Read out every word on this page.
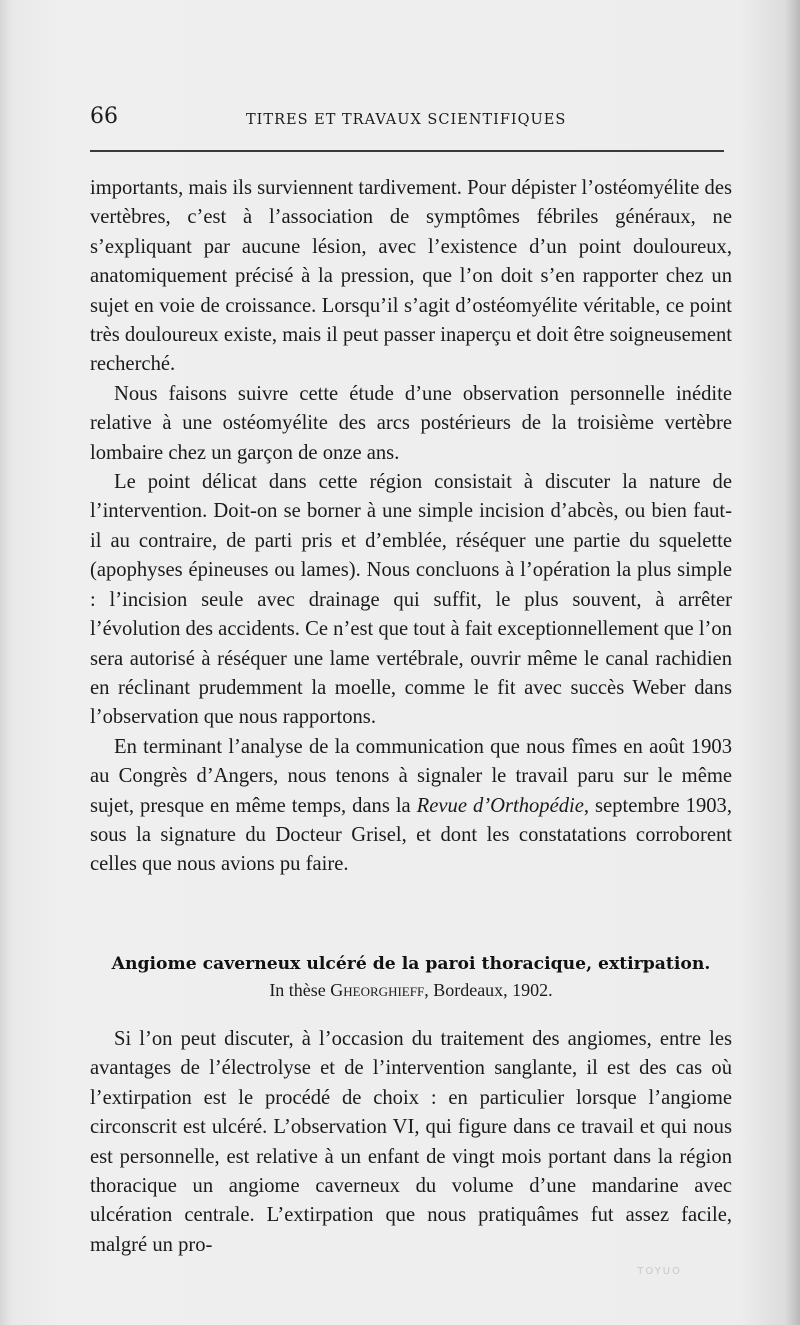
66	TITRES ET TRAVAUX SCIENTIFIQUES

importants, mais ils surviennent tardivement. Pour dépister l’ostéomyélite des vertèbres, c’est à l’association de symptômes fébriles généraux, ne s’expliquant par aucune lésion, avec l’existence d’un point douloureux, anatomiquement précisé à la pression, que l’on doit s’en rapporter chez un sujet en voie de croissance. Lorsqu’il s’agit d’ostéomyélite véritable, ce point très douloureux existe, mais il peut passer inaperçu et doit être soigneusement recherché.

Nous faisons suivre cette étude d’une observation personnelle inédite relative à une ostéomyélite des arcs postérieurs de la troisième vertèbre lombaire chez un garçon de onze ans.

Le point délicat dans cette région consistait à discuter la nature de l’intervention. Doit-on se borner à une simple incision d’abcès, ou bien faut-il au contraire, de parti pris et d’emblée, réséquer une partie du squelette (apophyses épineuses ou lames). Nous concluons à l’opération la plus simple : l’incision seule avec drainage qui suffit, le plus souvent, à arrêter l’évolution des accidents. Ce n’est que tout à fait exceptionnellement que l’on sera autorisé à réséquer une lame vertébrale, ouvrir même le canal rachidien en réclinant prudemment la moelle, comme le fit avec succès Weber dans l’observation que nous rapportons.

En terminant l’analyse de la communication que nous fîmes en août 1903 au Congrès d’Angers, nous tenons à signaler le travail paru sur le même sujet, presque en même temps, dans la Revue d’Orthopédie, septembre 1903, sous la signature du Docteur Grisel, et dont les constatations corroborent celles que nous avions pu faire.

Angiome caverneux ulcéré de la paroi thoracique, extirpation.
In thèse Gheorghieff, Bordeaux, 1902.

Si l’on peut discuter, à l’occasion du traitement des angiomes, entre les avantages de l’électrolyse et de l’intervention sanglante, il est des cas où l’extirpation est le procédé de choix : en particulier lorsque l’angiome circonscrit est ulcéré. L’observation VI, qui figure dans ce travail et qui nous est personnelle, est relative à un enfant de vingt mois portant dans la région thoracique un angiome caverneux du volume d’une mandarine avec ulcération centrale. L’extirpation que nous pratiquâmes fut assez facile, malgré un pro-

TOYUO
